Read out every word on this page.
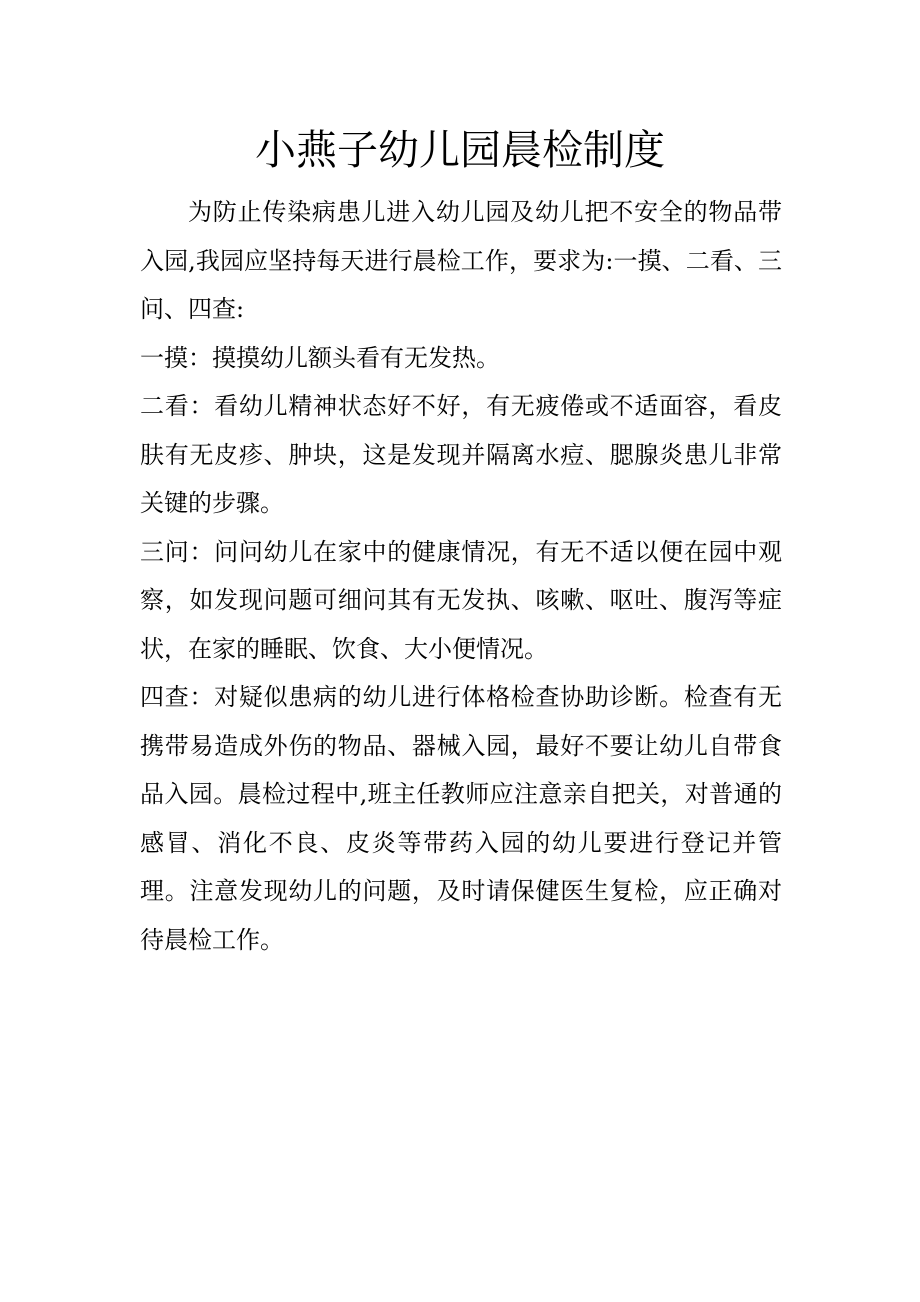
小燕子幼儿园晨检制度

为防止传染病患儿进入幼儿园及幼儿把不安全的物品带入园,我园应坚持每天进行晨检工作，要求为:一摸、二看、三问、四查:

一摸：摸摸幼儿额头看有无发热。

二看：看幼儿精神状态好不好，有无疲倦或不适面容，看皮肤有无皮疹、肿块，这是发现并隔离水痘、腮腺炎患儿非常关键的步骤。

三问：问问幼儿在家中的健康情况，有无不适以便在园中观察，如发现问题可细问其有无发执、咳嗽、呕吐、腹泻等症状，在家的睡眠、饮食、大小便情况。

四查：对疑似患病的幼儿进行体格检查协助诊断。检查有无携带易造成外伤的物品、器械入园，最好不要让幼儿自带食品入园。晨检过程中,班主任教师应注意亲自把关，对普通的感冒、消化不良、皮炎等带药入园的幼儿要进行登记并管理。注意发现幼儿的问题，及时请保健医生复检，应正确对待晨检工作。
